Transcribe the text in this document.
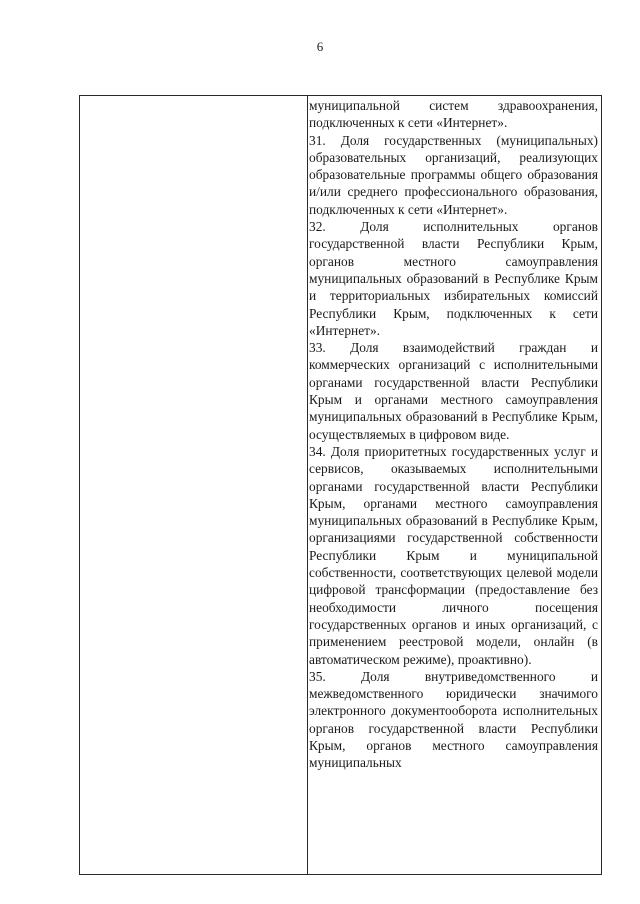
6

муниципальной систем здравоохранения, подключенных к сети «Интернет».

31. Доля государственных (муниципальных) образовательных организаций, реализующих образовательные программы общего образования и/или среднего профессионального образования, подключенных к сети «Интернет».

32. Доля исполнительных органов государственной власти Республики Крым, органов местного самоуправления муниципальных образований в Республике Крым и территориальных избирательных комиссий Республики Крым, подключенных к сети «Интернет».

33. Доля взаимодействий граждан и коммерческих организаций с исполнительными органами государственной власти Республики Крым и органами местного самоуправления муниципальных образований в Республике Крым, осуществляемых в цифровом виде.

34. Доля приоритетных государственных услуг и сервисов, оказываемых исполнительными органами государственной власти Республики Крым, органами местного самоуправления муниципальных образований в Республике Крым, организациями государственной собственности Республики Крым и муниципальной собственности, соответствующих целевой модели цифровой трансформации (предоставление без необходимости личного посещения государственных органов и иных организаций, с применением реестровой модели, онлайн (в автоматическом режиме), проактивно).

35. Доля внутриведомственного и межведомственного юридически значимого электронного документооборота исполнительных органов государственной власти Республики Крым, органов местного самоуправления муниципальных
